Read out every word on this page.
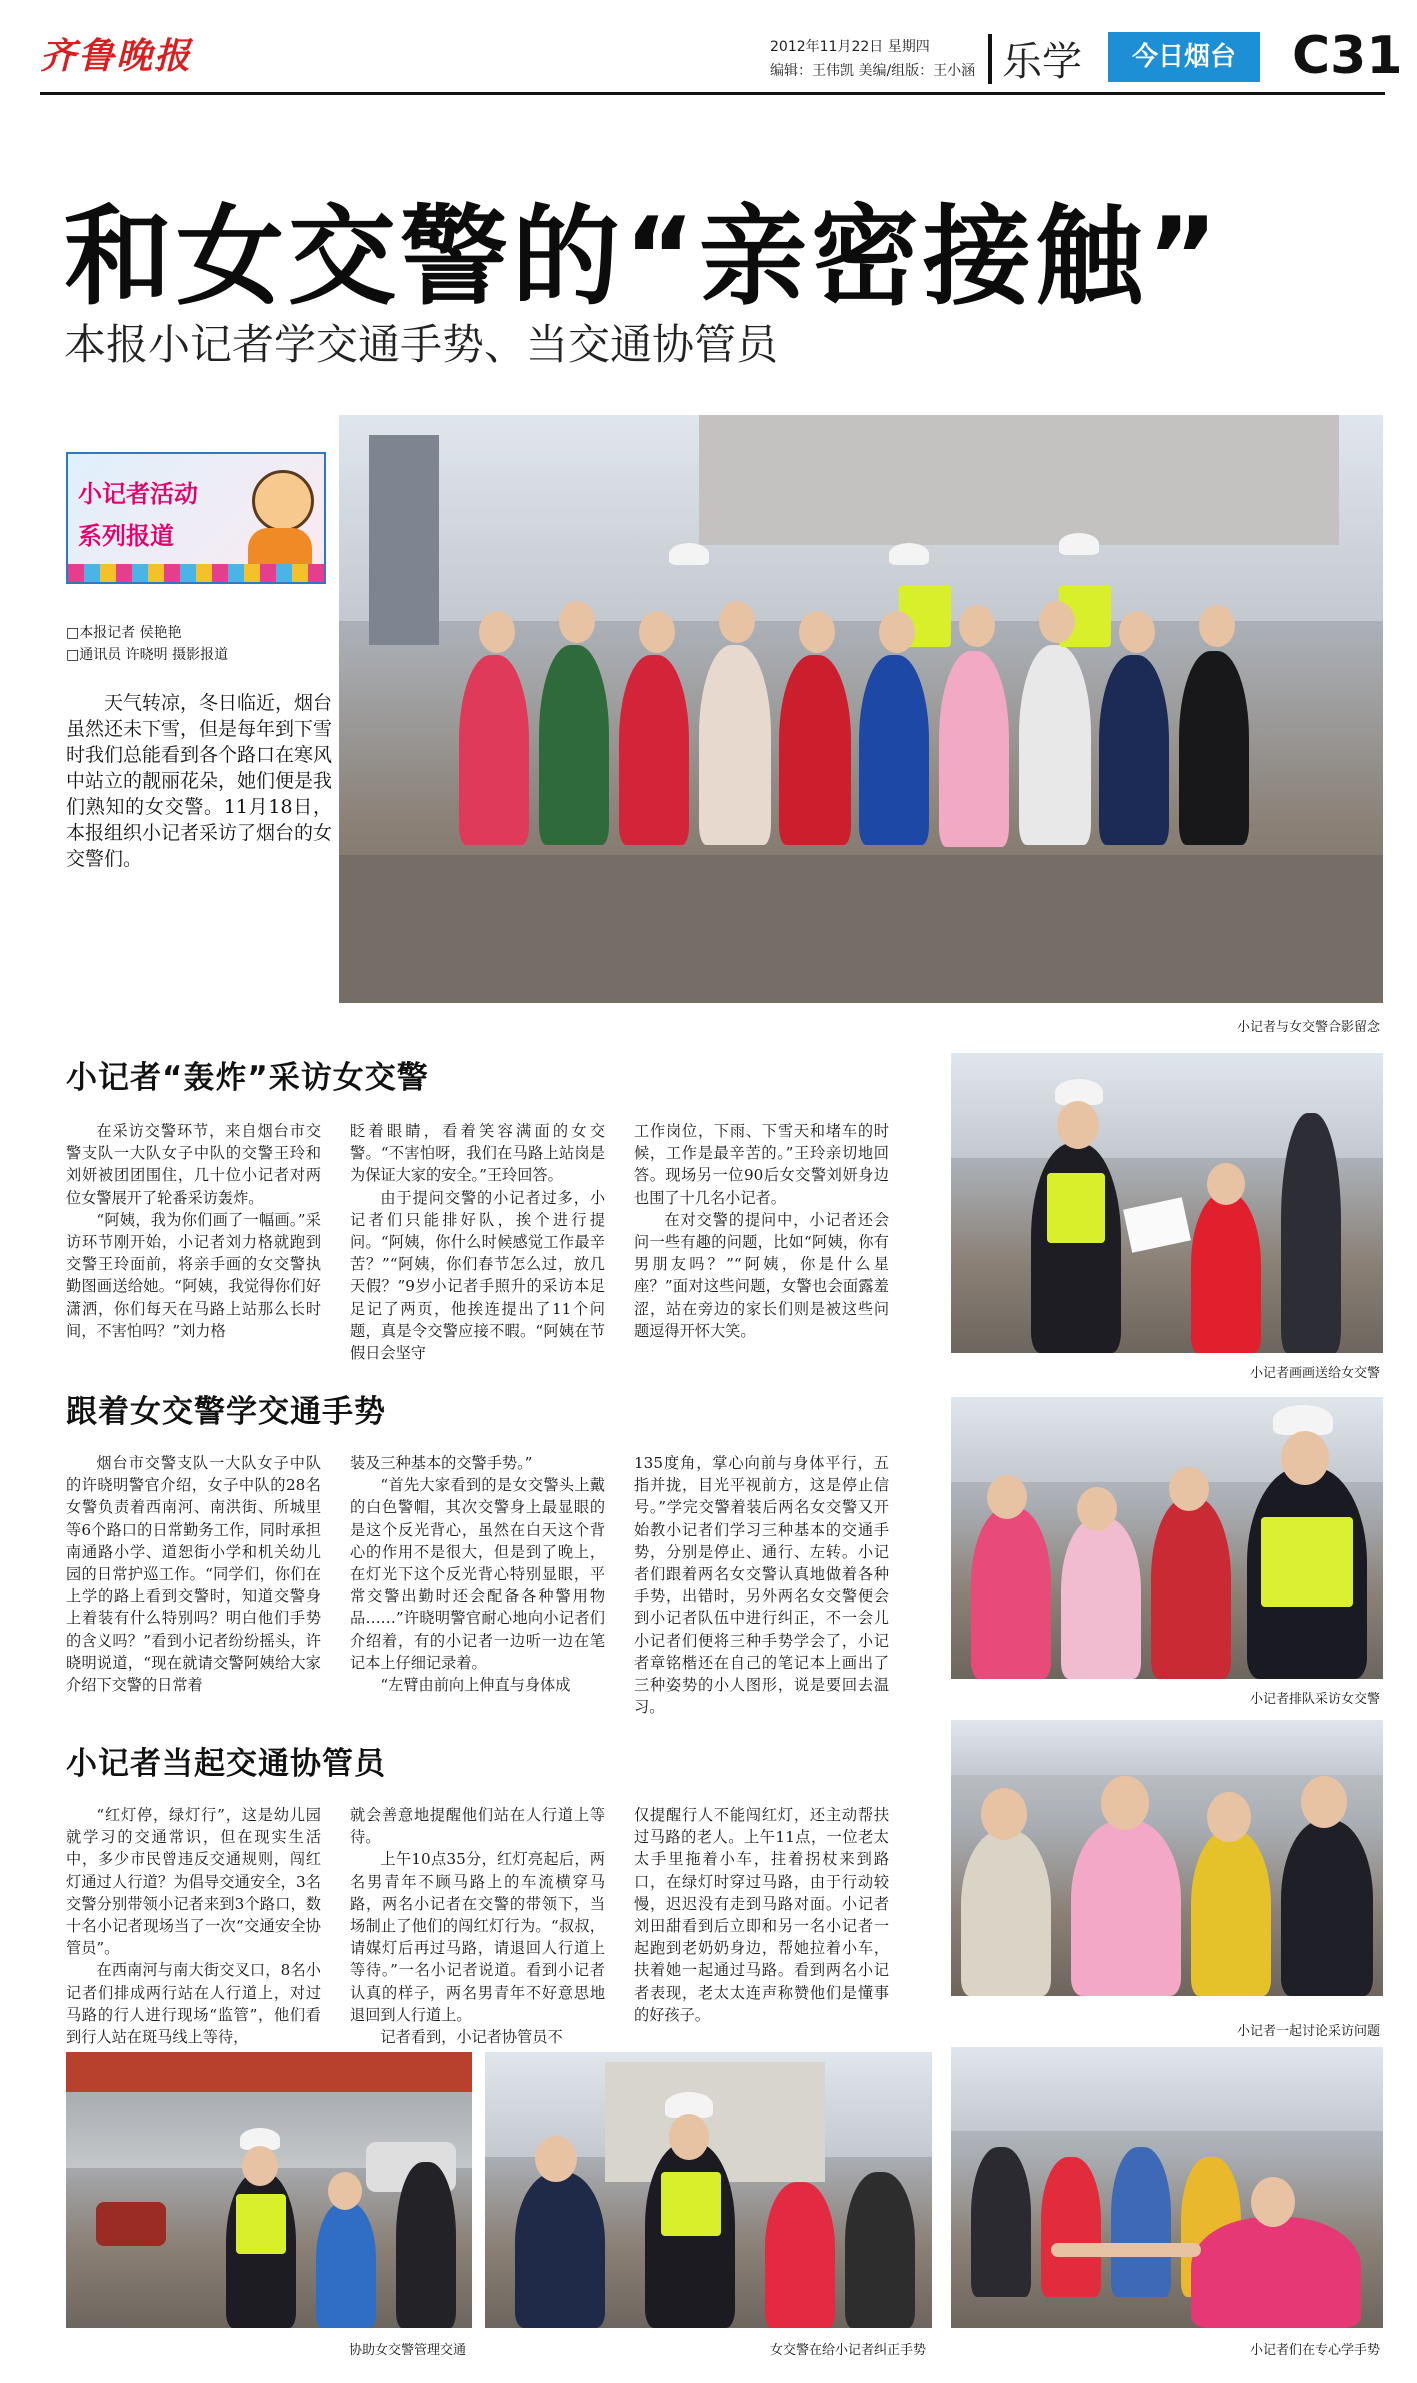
齐鲁晚报	2012年11月22日 星期四
编辑：王伟凯 美编/组版：王小涵 乐学	今日烟台	C31
和女交警的“亲密接触”
本报小记者学交通手势、当交通协管员
小记者活动
系列报道
□本报记者 侯艳艳
□通讯员 许晓明 摄影报道
天气转凉，冬日临近，烟台虽然还未下雪，但是每年到下雪时我们总能看到各个路口在寒风中站立的靓丽花朵，她们便是我们熟知的女交警。11月18日，本报组织小记者采访了烟台的女交警们。
小记者与女交警合影留念
小记者“轰炸”采访女交警

在采访交警环节，来自烟台市交警支队一大队女子中队的交警王玲和刘妍被团团围住，几十位小记者对两位女警展开了轮番采访轰炸。

“阿姨，我为你们画了一幅画。”采访环节刚开始，小记者刘力格就跑到交警王玲面前，将亲手画的女交警执勤图画送给她。“阿姨，我觉得你们好潇洒，你们每天在马路上站那么长时间，不害怕吗？”刘力格

眨着眼睛，看着笑容满面的女交警。“不害怕呀，我们在马路上站岗是为保证大家的安全。”王玲回答。

由于提问交警的小记者过多，小记者们只能排好队，挨个进行提问。“阿姨，你什么时候感觉工作最辛苦？”“阿姨，你们春节怎么过，放几天假？”9岁小记者手照升的采访本足足记了两页，他挨连提出了11个问题，真是令交警应接不暇。“阿姨在节假日会坚守

工作岗位，下雨、下雪天和堵车的时候，工作是最辛苦的。”王玲亲切地回答。现场另一位90后女交警刘妍身边也围了十几名小记者。

在对交警的提问中，小记者还会问一些有趣的问题，比如“阿姨，你有男朋友吗？”“阿姨，你是什么星座？”面对这些问题，女警也会面露羞涩，站在旁边的家长们则是被这些问题逗得开怀大笑。

小记者画画送给女交警
跟着女交警学交通手势

烟台市交警支队一大队女子中队的许晓明警官介绍，女子中队的28名女警负责着西南河、南洪街、所城里等6个路口的日常勤务工作，同时承担南通路小学、道恕街小学和机关幼儿园的日常护巡工作。“同学们，你们在上学的路上看到交警时，知道交警身上着装有什么特别吗？明白他们手势的含义吗？”看到小记者纷纷摇头，许晓明说道，“现在就请交警阿姨给大家介绍下交警的日常着

装及三种基本的交警手势。”

“首先大家看到的是女交警头上戴的白色警帽，其次交警身上最显眼的是这个反光背心，虽然在白天这个背心的作用不是很大，但是到了晚上，在灯光下这个反光背心特别显眼，平常交警出勤时还会配备各种警用物品……”许晓明警官耐心地向小记者们介绍着，有的小记者一边听一边在笔记本上仔细记录着。

“左臂由前向上伸直与身体成

135度角，掌心向前与身体平行，五指并拢，目光平视前方，这是停止信号。”学完交警着装后两名女交警又开始教小记者们学习三种基本的交通手势，分别是停止、通行、左转。小记者们跟着两名女交警认真地做着各种手势，出错时，另外两名女交警便会到小记者队伍中进行纠正，不一会儿小记者们便将三种手势学会了，小记者章铭楷还在自己的笔记本上画出了三种姿势的小人图形，说是要回去温习。	小记者排队采访女交警
小记者当起交通协管员

“红灯停，绿灯行”，这是幼儿园就学习的交通常识，但在现实生活中，多少市民曾违反交通规则，闯红灯通过人行道？为倡导交通安全，3名交警分别带领小记者来到3个路口，数十名小记者现场当了一次“交通安全协管员”。

在西南河与南大街交叉口，8名小记者们排成两行站在人行道上，对过马路的行人进行现场“监管”，他们看到行人站在斑马线上等待，

就会善意地提醒他们站在人行道上等待。

上午10点35分，红灯亮起后，两名男青年不顾马路上的车流横穿马路，两名小记者在交警的带领下，当场制止了他们的闯红灯行为。“叔叔，请媒灯后再过马路，请退回人行道上等待。”一名小记者说道。看到小记者认真的样子，两名男青年不好意思地退回到人行道上。

记者看到，小记者协管员不

仅提醒行人不能闯红灯，还主动帮扶过马路的老人。上午11点，一位老太太手里拖着小车，拄着拐杖来到路口，在绿灯时穿过马路，由于行动较慢，迟迟没有走到马路对面。小记者刘田甜看到后立即和另一名小记者一起跑到老奶奶身边，帮她拉着小车，扶着她一起通过马路。看到两名小记者表现，老太太连声称赞他们是懂事的好孩子。

小记者一起讨论采访问题
协助女交警管理交通	女交警在给小记者纠正手势	小记者们在专心学手势
